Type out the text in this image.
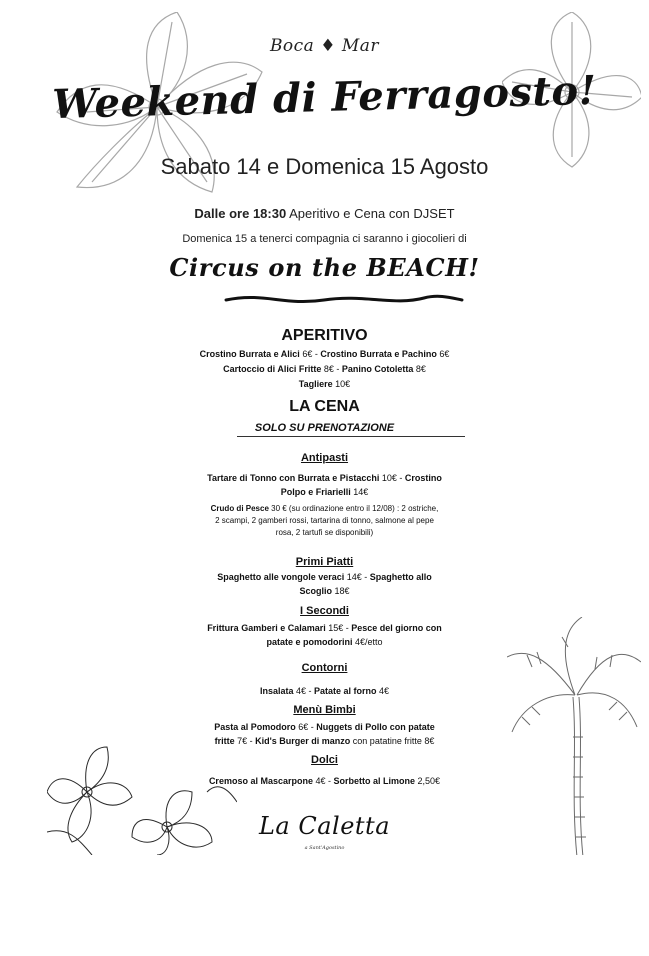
Boca ♦ Mar
Weekend di Ferragosto!
Sabato 14 e Domenica 15 Agosto
Dalle ore 18:30 Aperitivo e Cena con DJSET
Domenica 15 a tenerci compagnia ci saranno i giocolieri di
Circus on the BEACH!
APERITIVO
Crostino Burrata e Alici 6€ - Crostino Burrata e Pachino 6€
Cartoccio di Alici Fritte 8€ - Panino Cotoletta 8€
Tagliere 10€
LA CENA
SOLO SU PRENOTAZIONE
Antipasti
Tartare di Tonno con Burrata e Pistacchi 10€ - Crostino
Polpo e Friarielli 14€
Crudo di Pesce 30 € (su ordinazione entro il 12/08) : 2 ostriche,
2 scampi, 2 gamberi rossi, tartarina di tonno, salmone al pepe
rosa, 2 tartufi se disponibili)
Primi Piatti
Spaghetto alle vongole veraci 14€ - Spaghetto allo
Scoglio 18€
I Secondi
Frittura Gamberi e Calamari 15€ - Pesce del giorno con
patate e pomodorini 4€/etto
Contorni
Insalata 4€ - Patate al forno 4€
Menù Bimbi
Pasta al Pomodoro 6€ - Nuggets di Pollo con patate
fritte 7€ - Kid's Burger di manzo con patatine fritte 8€
Dolci
Cremoso al Mascarpone 4€ - Sorbetto al Limone 2,50€
La Caletta
a Sant'Agostino
